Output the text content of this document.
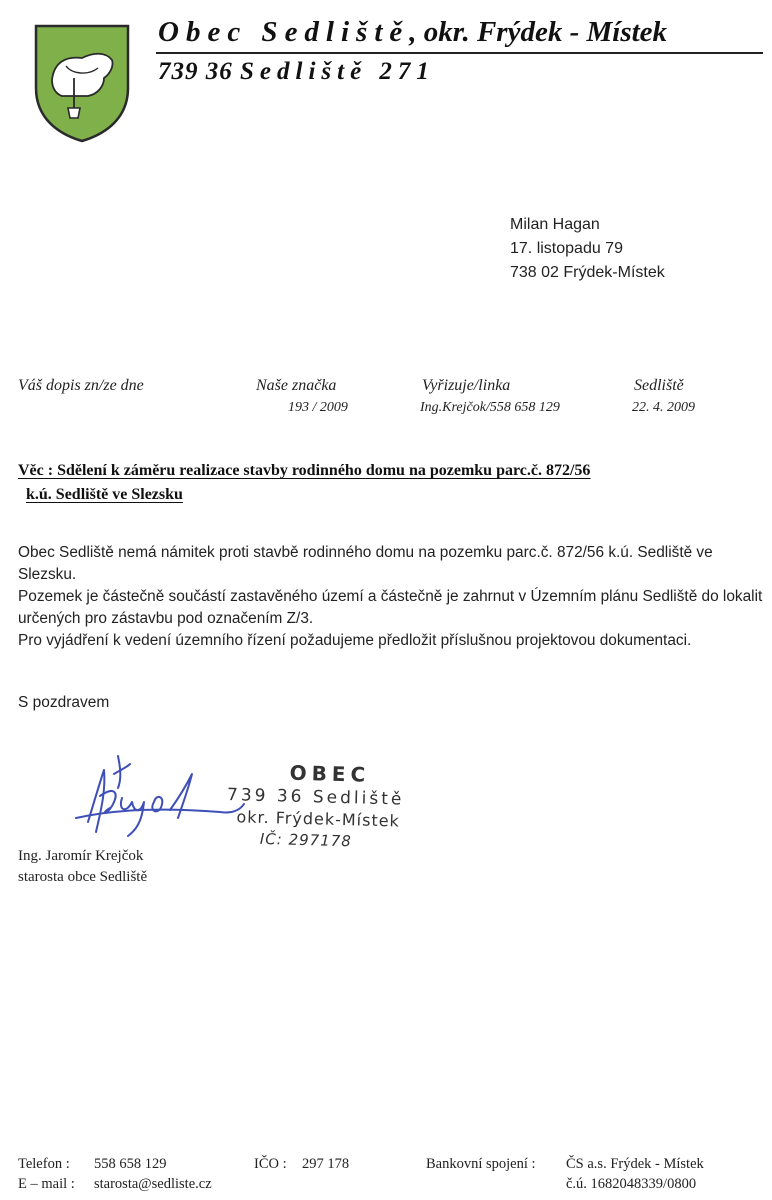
Obec Sedliště, okr. Frýdek - Místek
739 36 Sedliště 271
Milan Hagan
17. listopadu 79
738 02 Frýdek-Místek
Váš dopis zn/ze dne	Naše značka
193 / 2009
Vyřizuje/linka
Ing.Krejčok/558 658 129
Sedliště
22. 4. 2009
Věc : Sdělení k záměru realizace stavby rodinného domu na pozemku parc.č. 872/56
k.ú. Sedliště ve Slezsku

Obec Sedliště nemá námitek proti stavbě rodinného domu na pozemku parc.č. 872/56 k.ú. Sedliště ve Slezsku.

Pozemek je částečně součástí zastavěného území a částečně je zahrnut v Územním plánu Sedliště do lokalit určených pro zástavbu pod označením Z/3.

Pro vyjádření k vedení územního řízení požadujeme předložit příslušnou projektovou dokumentaci.

S pozdravem
OBEC
739 36 Sedliště
okr. Frýdek-Místek
IČ: 297178
Ing. Jaromír Krejčok
starosta obce Sedliště
Telefon : 558 658 129
E – mail : starosta@sedliste.cz
IČO : 297 178	Bankovní spojení : ČS a.s. Frýdek - Místek
č.ú. 1682048339/0800
